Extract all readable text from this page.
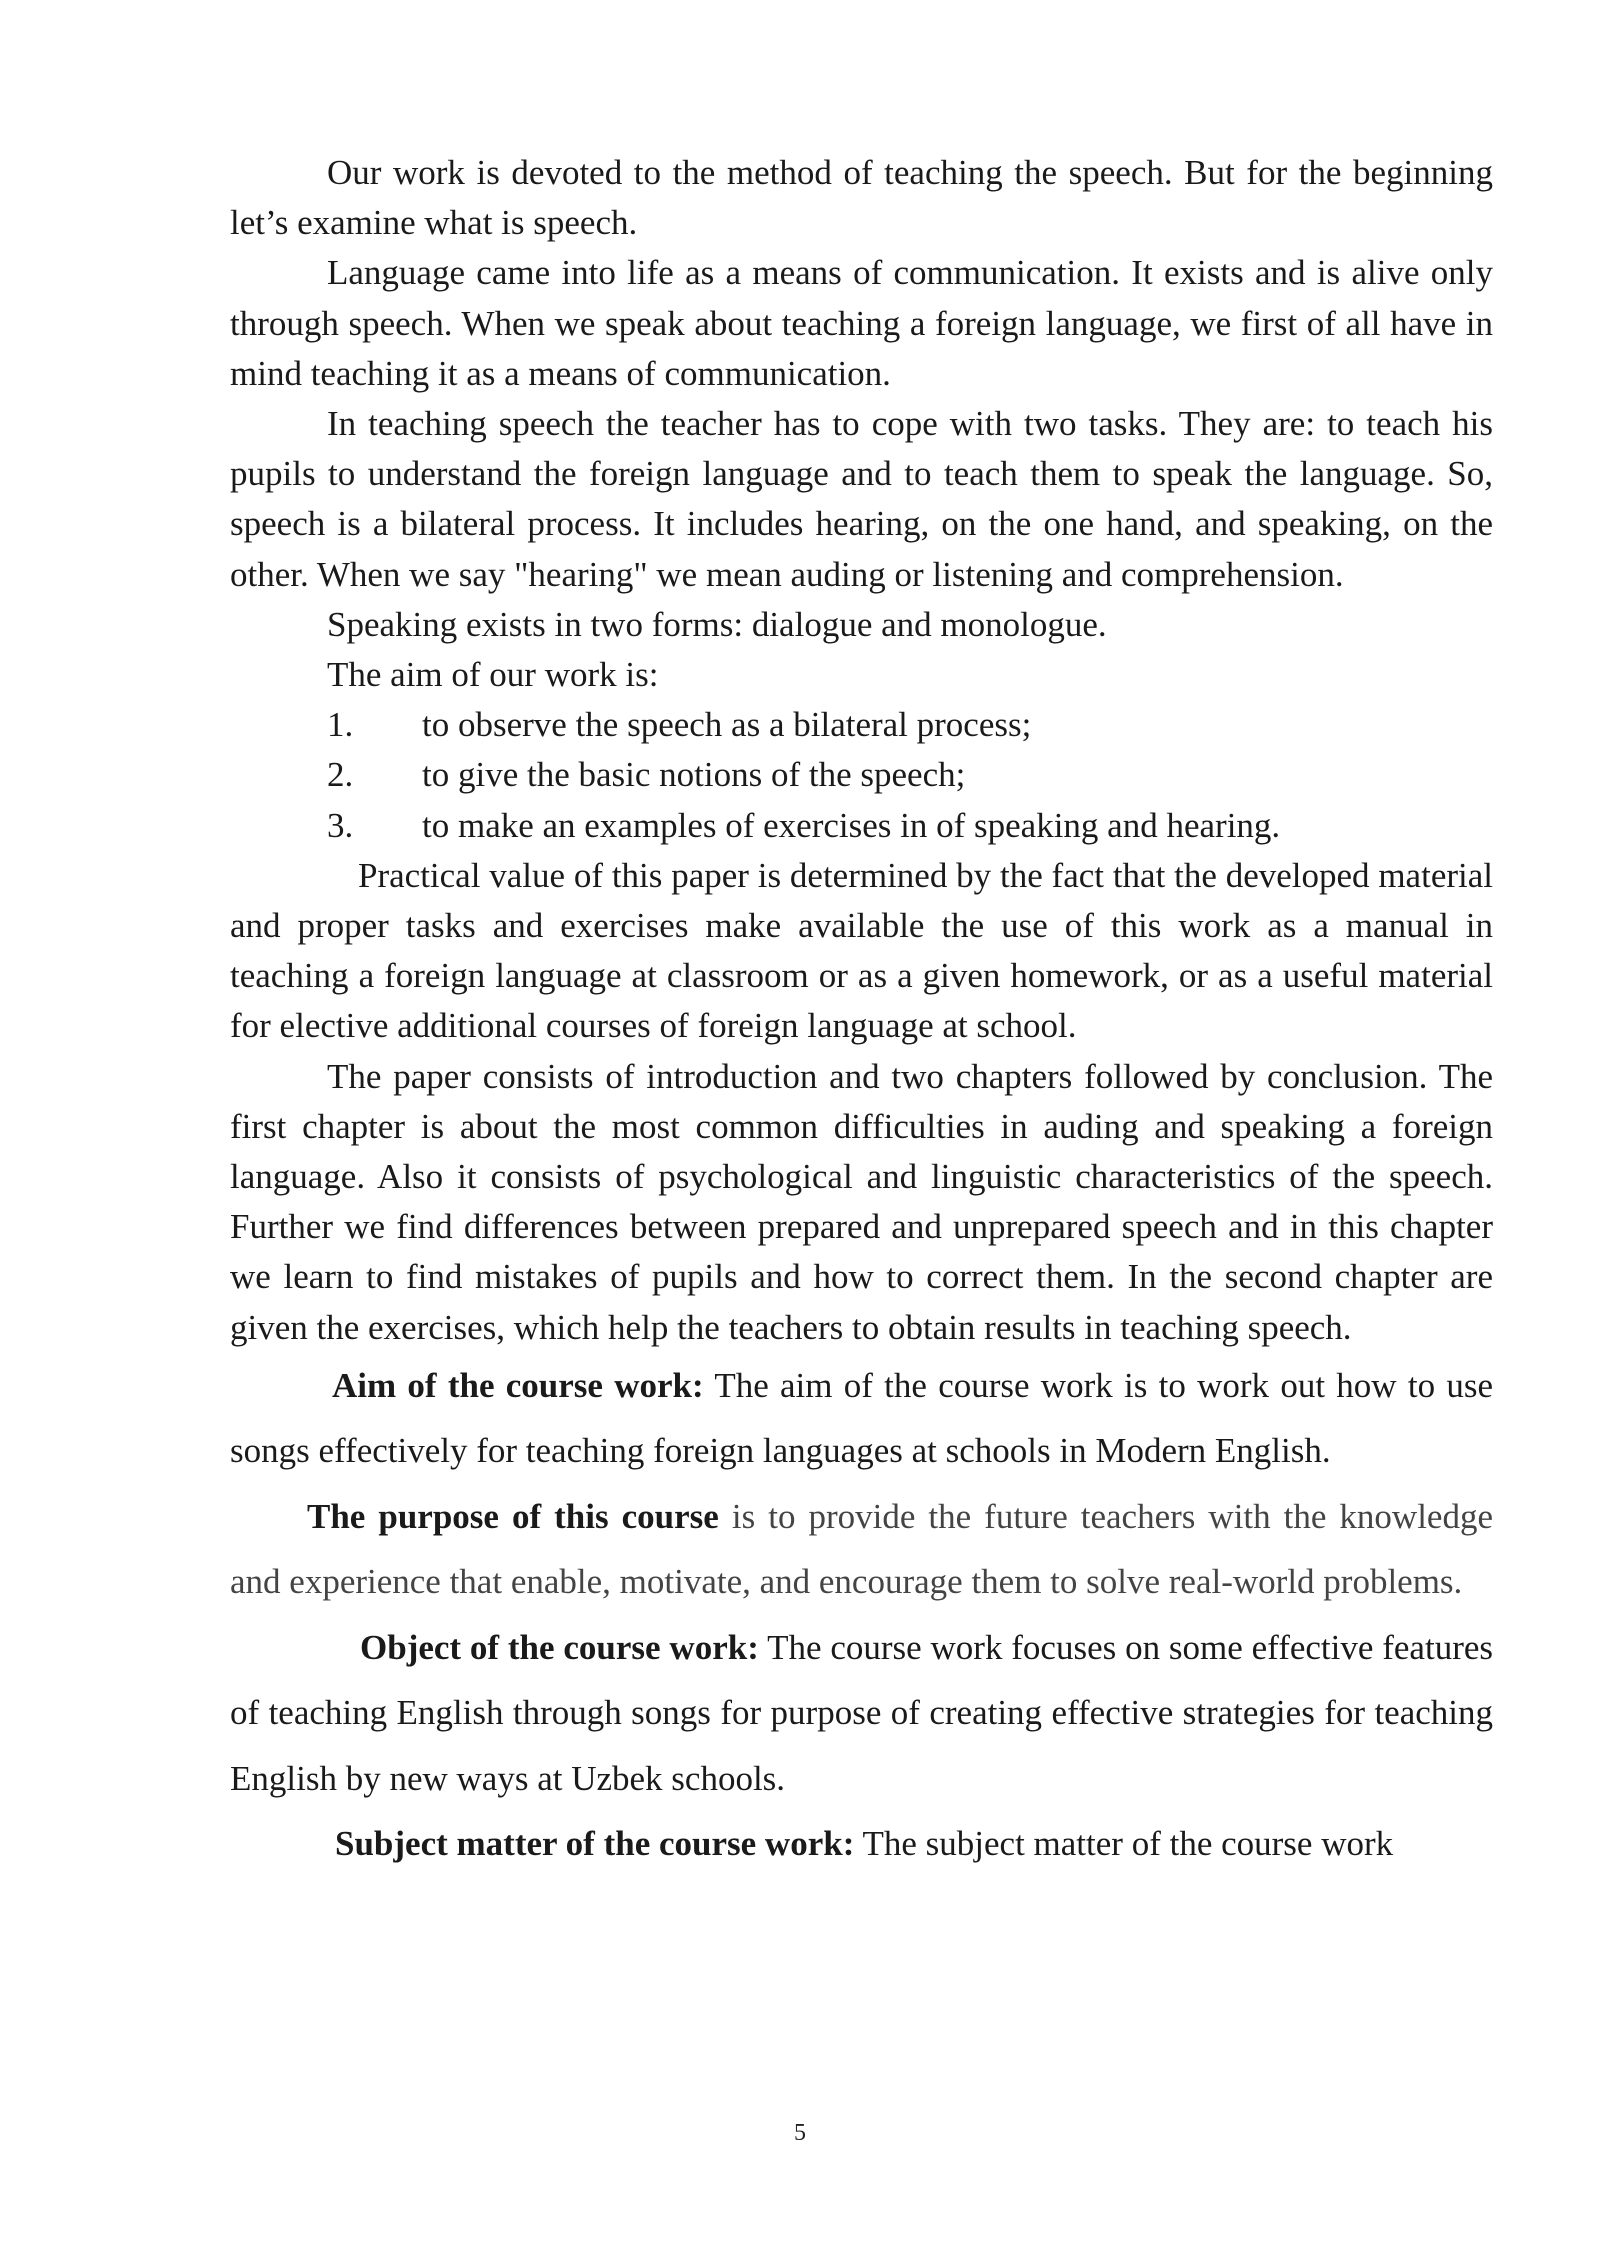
Our work is devoted to the method of teaching the speech. But for the beginning let’s examine what is speech.

Language came into life as a means of communication. It exists and is alive only through speech. When we speak about teaching a foreign language, we first of all have in mind teaching it as a means of communication.

In teaching speech the teacher has to cope with two tasks. They are: to teach his pupils to understand the foreign language and to teach them to speak the language. So, speech is a bilateral process. It includes hearing, on the one hand, and speaking, on the other. When we say "hearing" we mean auding or listening and comprehension.

Speaking exists in two forms: dialogue and monologue.

The aim of our work is:

1. to observe the speech as a bilateral process;
2. to give the basic notions of the speech;
3. to make an examples of exercises in of speaking and hearing.

Practical value of this paper is determined by the fact that the developed material and proper tasks and exercises make available the use of this work as a manual in teaching a foreign language at classroom or as a given homework, or as a useful material for elective additional courses of foreign language at school.

The paper consists of introduction and two chapters followed by conclusion. The first chapter is about the most common difficulties in auding and speaking a foreign language. Also it consists of psychological and linguistic characteristics of the speech. Further we find differences between prepared and unprepared speech and in this chapter we learn to find mistakes of pupils and how to correct them. In the second chapter are given the exercises, which help the teachers to obtain results in teaching speech.

Aim of the course work: The aim of the course work is to work out how to use songs effectively for teaching foreign languages at schools in Modern English.

The purpose of this course is to provide the future teachers with the knowledge and experience that enable, motivate, and encourage them to solve real-world problems.

Object of the course work: The course work focuses on some effective features of teaching English through songs for purpose of creating effective strategies for teaching English by new ways at Uzbek schools.

Subject matter of the course work: The subject matter of the course work

5
